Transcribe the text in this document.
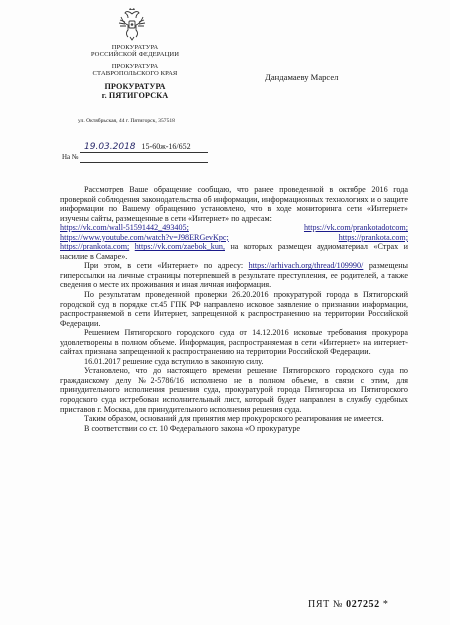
ПРОКУРАТУРА
РОССИЙСКОЙ ФЕДЕРАЦИИ
ПРОКУРАТУРА
СТАВРОПОЛЬСКОГО КРАЯ
ПРОКУРАТУРА
г. ПЯТИГОРСКА
ул. Октябрьская, 44 г. Пятигорск, 357518
19.03.2018 15-60ж-16/652
На №
Дандамаеву Марсел

Рассмотрев Ваше обращение сообщаю, что ранее проведенной в октябре 2016 года проверкой соблюдения законодательства об информации, информационных технологиях и о защите информации по Вашему обращению установлено, что в ходе мониторинга сети «Интернет» изучены сайты, размещенные в сети «Интернет» по адресам:

https://vk.com/wall-51591442_493405;	https://vk.com/prankotadotcom;
https://www.youtube.com/watch?v=J98ERGevKpc;	https://prankota.com;
https://prankota.com; https://vk.com/zaebok_kun, на которых размещен аудиоматериал «Страх и насилие в Самаре».

При этом, в сети «Интернет» по адресу: https://arhivach.org/thread/109990/ размещены гиперссылки на личные страницы потерпевшей в результате преступления, ее родителей, а также сведения о месте их проживания и иная личная информация.

По результатам проведенной проверки 26.20.2016 прокуратурой города в Пятигорский городской суд в порядке ст.45 ГПК РФ направлено исковое заявление о признании информации, распространяемой в сети Интернет, запрещенной к распространению на территории Российской Федерации.

Решением Пятигорского городского суда от 14.12.2016 исковые требования прокурора удовлетворены в полном объеме. Информация, распространяемая в сети «Интернет» на интернет-сайтах признана запрещенной к распространению на территории Российской Федерации.

16.01.2017 решение суда вступило в законную силу.

Установлено, что до настоящего времени решение Пятигорского городского суда по гражданскому делу №2-5786/16 исполнено не в полном объеме, в связи с этим, для принудительного исполнения решения суда, прокуратурой города Пятигорска из Пятигорского городского суда истребован исполнительный лист, который будет направлен в службу судебных приставов г. Москва, для принудительного исполнения решения суда.

Таким образом, оснований для принятия мер прокурорского реагирования не имеется.

В соответствии со ст. 10 Федерального закона «О прокуратуре

ПЯТ № 027252 *
